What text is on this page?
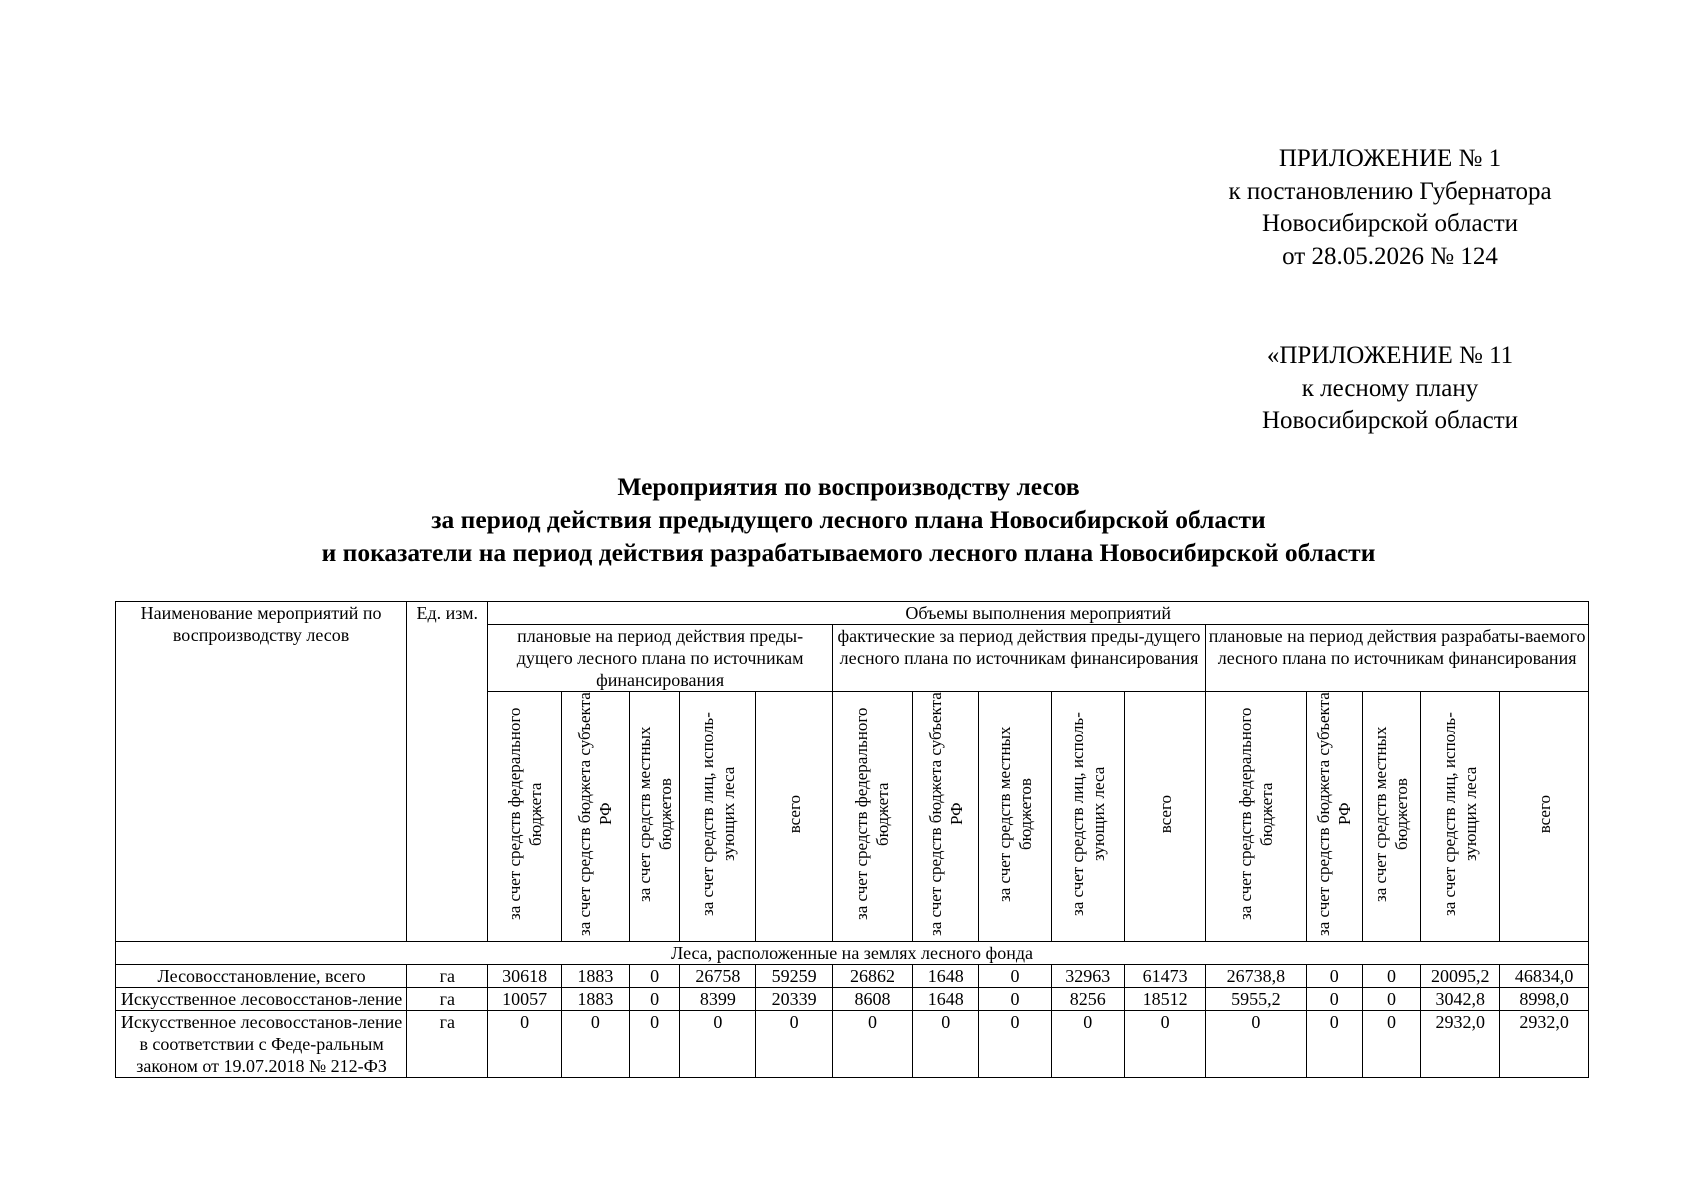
ПРИЛОЖЕНИЕ № 1
к постановлению Губернатора
Новосибирской области
от 28.05.2026 № 124
«ПРИЛОЖЕНИЕ № 11
к лесному плану
Новосибирской области
Мероприятия по воспроизводству лесов
за период действия предыдущего лесного плана Новосибирской области
и показатели на период действия разрабатываемого лесного плана Новосибирской области
Наименование мероприятий по воспроизводству лесов	Ед. изм.	Объемы выполнения мероприятий														
		плановые на период действия преды-дущего лесного плана по источникам финансирования					фактические за период действия преды-дущего лесного плана по источникам финансирования					плановые на период действия разрабаты-ваемого лесного плана по источникам финансирования				
		за счет средств федерального бюджета	за счет средств бюджета субъекта РФ	за счет средств местных бюджетов	за счет средств лиц, исполь-зующих леса	всего	за счет средств федерального бюджета	за счет средств бюджета субъекта РФ	за счет средств местных бюджетов	за счет средств лиц, исполь-зующих леса	всего	за счет средств федерального бюджета	за счет средств бюджета субъекта РФ	за счет средств местных бюджетов	за счет средств лиц, исполь-зующих леса	всего
Леса, расположенные на землях лесного фонда																
Лесовосстановление, всего	га	30618	1883	0	26758	59259	26862	1648	0	32963	61473	26738,8	0	0	20095,2	46834,0
Искусственное лесовосстанов-ление	га	10057	1883	0	8399	20339	8608	1648	0	8256	18512	5955,2	0	0	3042,8	8998,0
Искусственное лесовосстанов-ление в соответствии с Феде-ральным законом от 19.07.2018 № 212-ФЗ	га	0	0	0	0	0	0	0	0	0	0	0	0	0	2932,0	2932,0
